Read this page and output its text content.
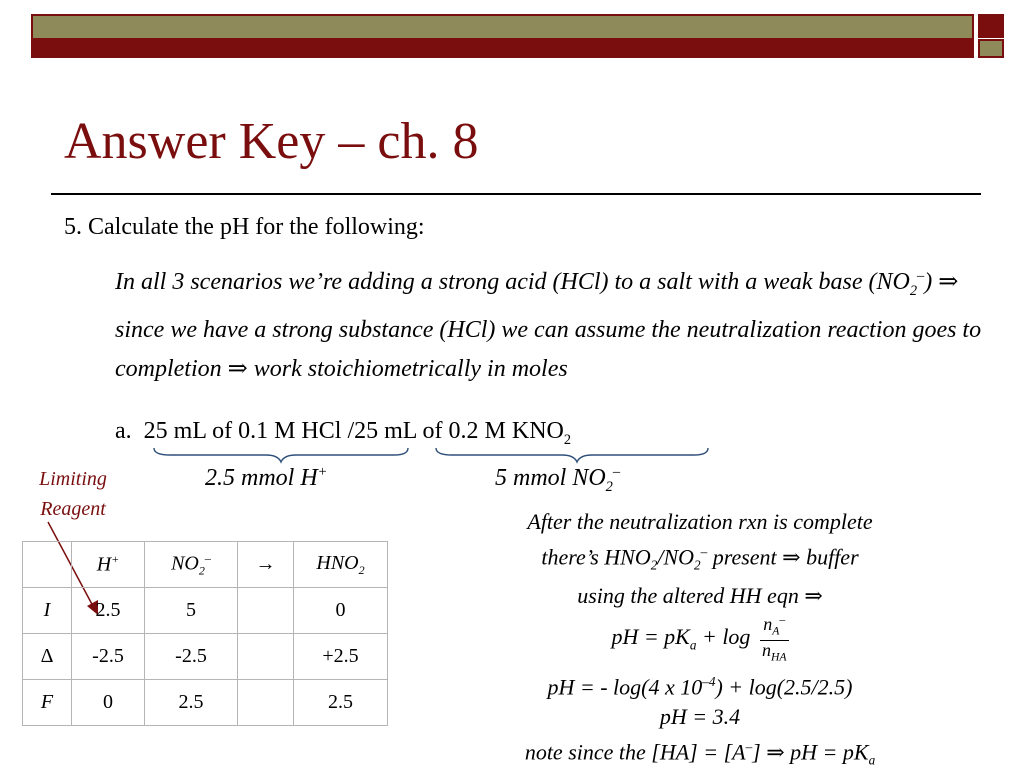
Answer Key – ch. 8
5. Calculate the pH for the following:
In all 3 scenarios we’re adding a strong acid (HCl) to a salt with a weak base $(NO_2^-)$ ⇒ since we have a strong substance (HCl) we can assume the neutralization reaction goes to completion ⇒ work stoichiometrically in moles
a. 25 mL of 0.1 M HCl /25 mL of 0.2 M $KNO_2$
2.5 mmol H+	5 mmol $NO_2^-$
Limiting Reagent
	H+	$NO_2^-$	→	$HNO_2$
I	2.5	5		0
Δ	-2.5	-2.5		+2.5
F	0	2.5		2.5
After the neutralization rxn is complete
there’s $HNO_2/NO_2^-$ present ⇒ buffer
using the altered HH eqn ⇒
pH = $pK_a + \log \frac{n_A^-}{n_{HA}}$
pH = - log(4 x $10^{-4}) + \log(2.5/2.5)$
pH = 3.4
note since the [HA] = [A–] ⇒ pH = $pK_a$
